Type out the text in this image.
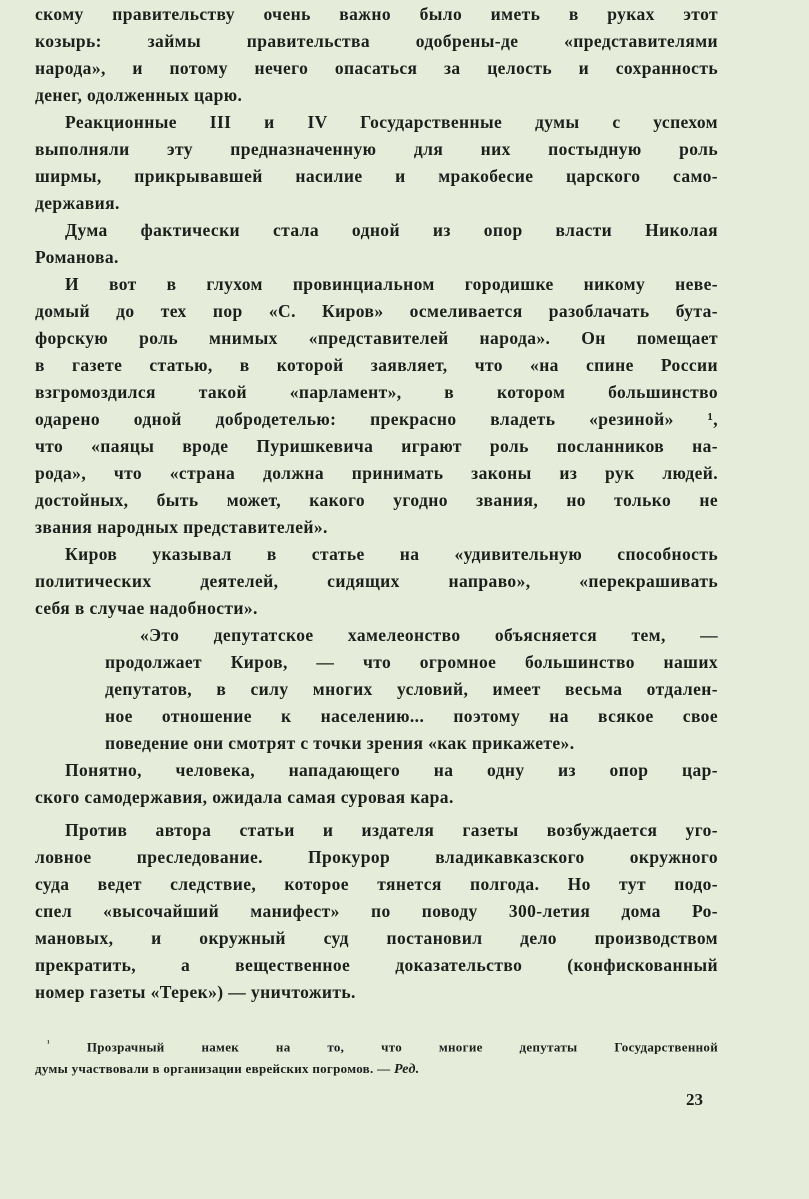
скому правительству очень важно было иметь в руках этот
козырь: займы правительства одобрены-де «представителями
народа», и потому нечего опасаться за целость и сохранность
денег, одолженных царю.
Реакционные III и IV Государственные думы с успехом
выполняли эту предназначенную для них постыдную роль
ширмы, прикрывавшей насилие и мракобесие царского само-
державия.
Дума фактически стала одной из опор власти Николая
Романова.
И вот в глухом провинциальном городишке никому неве-
домый до тех пор «С. Киров» осмеливается разоблачать бута-
форскую роль мнимых «представителей народа». Он помещает
в газете статью, в которой заявляет, что «на спине России
взгромоздился такой «парламент», в котором большинство
одарено одной добродетелью: прекрасно владеть «резиной» ¹,
что «паяцы вроде Пуришкевича играют роль посланников на-
рода», что «страна должна принимать законы из рук людей.
достойных, быть может, какого угодно звания, но только не
звания народных представителей».
Киров указывал в статье на «удивительную способность
политических деятелей, сидящих направо», «перекрашивать
себя в случае надобности».
«Это депутатское хамелеонство объясняется тем, —
продолжает Киров, — что огромное большинство наших
депутатов, в силу многих условий, имеет весьма отдален-
ное отношение к населению... поэтому на всякое свое
поведение они смотрят с точки зрения «как прикажете».
Понятно, человека, нападающего на одну из опор цар-
ского самодержавия, ожидала самая суровая кара.
Против автора статьи и издателя газеты возбуждается уго-
ловное преследование. Прокурор владикавказского окружного
суда ведет следствие, которое тянется полгода. Но тут подо-
спел «высочайший манифест» по поводу 300-летия дома Ро-
мановых, и окружный суд постановил дело производством
прекратить, а вещественное доказательство (конфискованный
номер газеты «Терек») — уничтожить.
$^{^1}$	Прозрачный намек на то, что многие депутаты Государственной
думы участвовали в организации еврейских погромов. — Ред.
23
